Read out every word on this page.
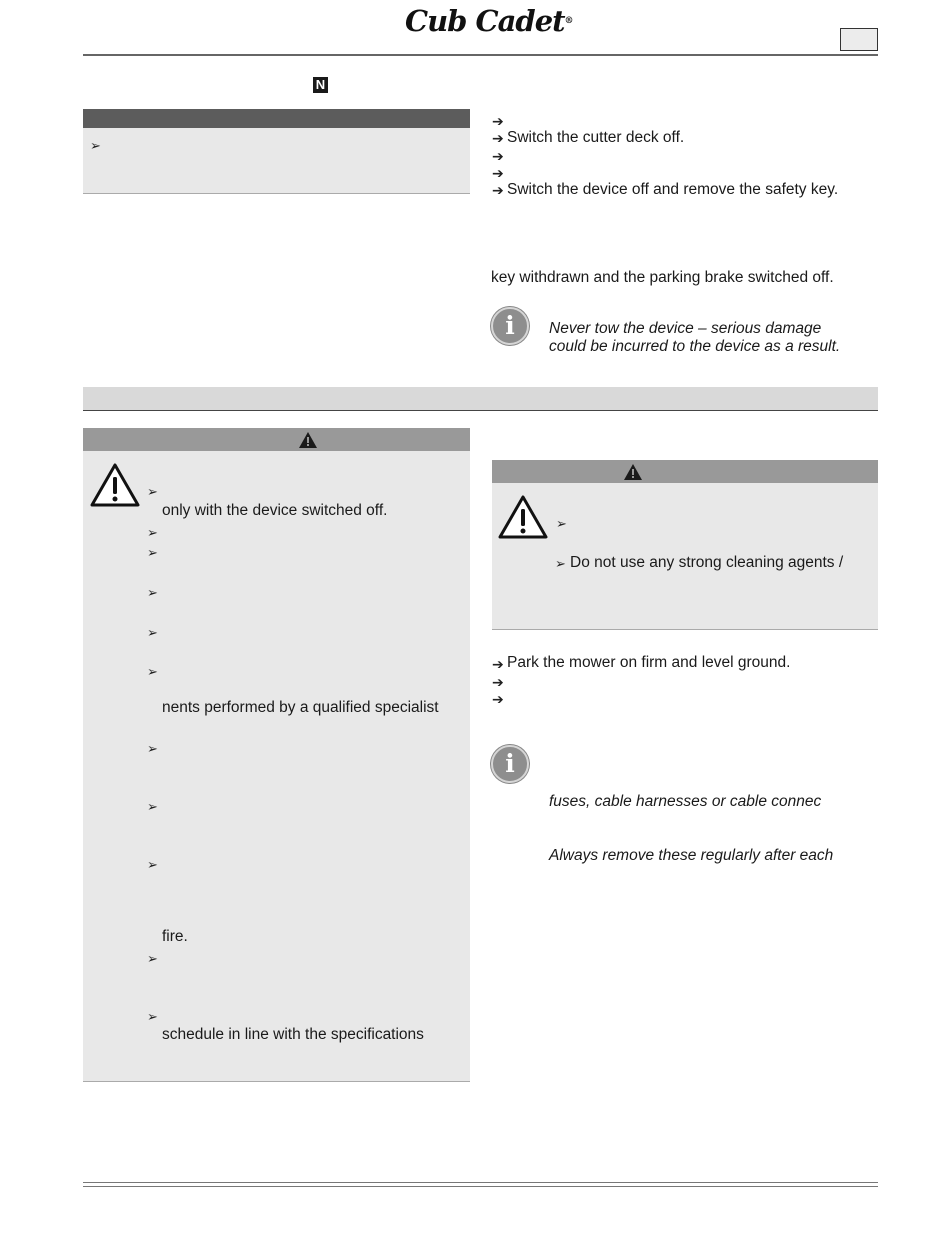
Cub Cadet®
N
➢
➔
➔ Switch the cutter deck off.
➔
➔
➔ Switch the device off and remove the safety key.
key withdrawn and the parking brake switched off.
i	Never tow the device – serious damage
could be incurred to the device as a result.
➢
only with the device switched off.
➢
➢
➢
➢
➢
nents performed by a qualified specialist
➢
➢
➢
fire.
➢
➢
schedule in line with the specifications
➢
➢ Do not use any strong cleaning agents /
➔ Park the mower on firm and level ground.
➔
➔
i
fuses, cable harnesses or cable connec
Always remove these regularly after each
